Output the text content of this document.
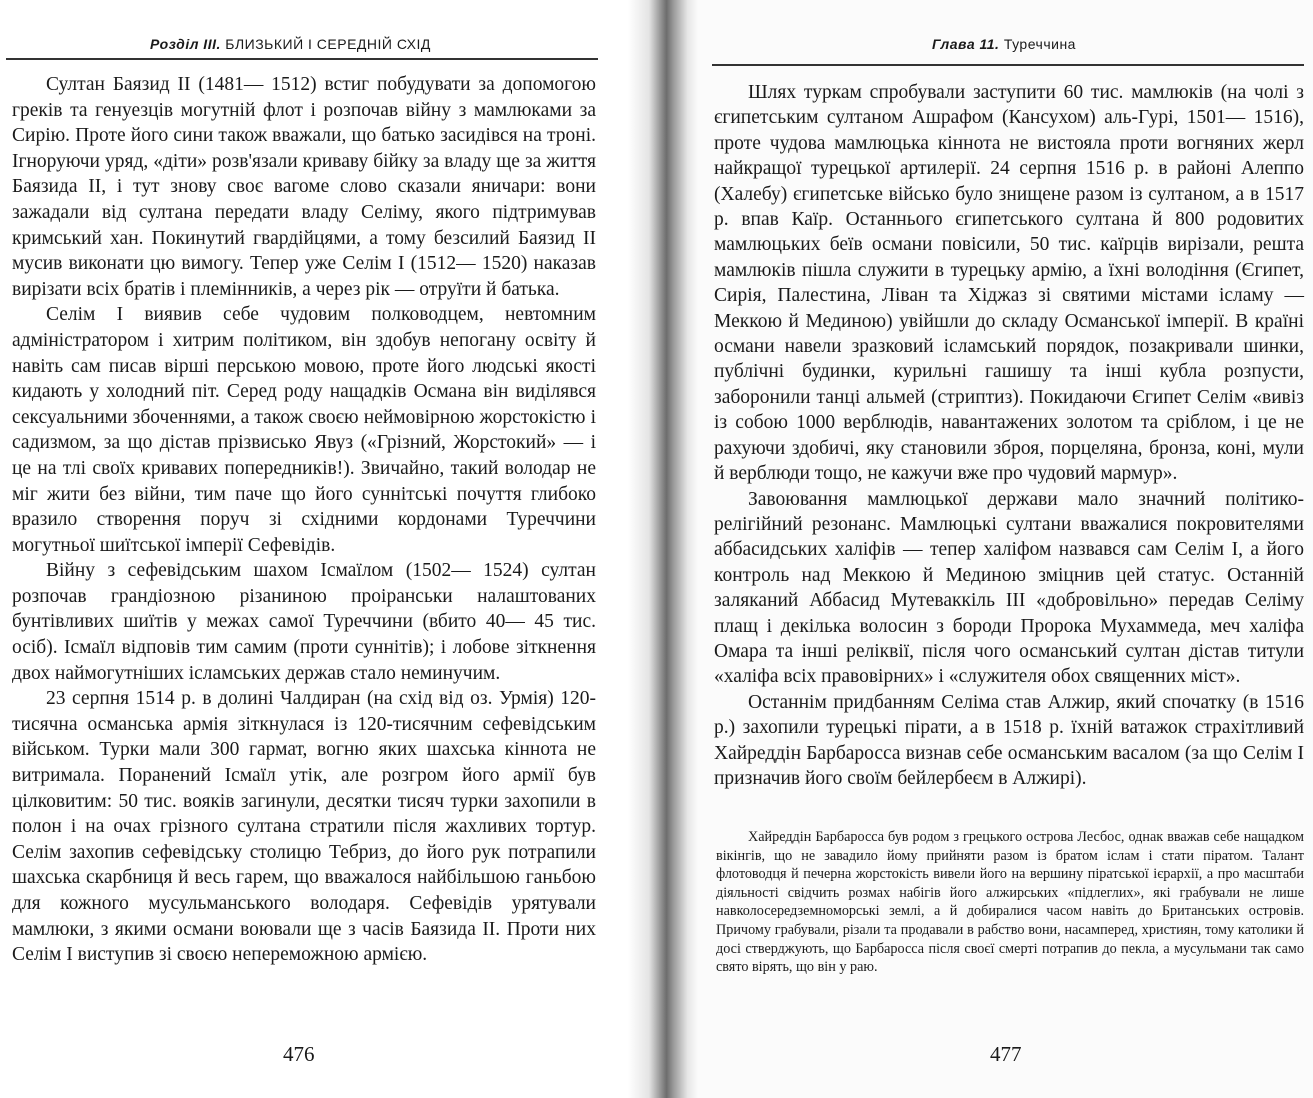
Розділ III. БЛИЗЬКИЙ І СЕРЕДНІЙ СХІД

Султан Баязид II (1481— 1512) встиг побудувати за допомогою греків та генуезців могутній флот і розпочав війну з мамлюками за Сирію. Проте його сини також вважали, що батько засидівся на троні. Ігноруючи уряд, «діти» розв'язали криваву бійку за владу ще за життя Баязида II, і тут знову своє вагоме слово сказали яничари: вони зажадали від султана передати владу Селіму, якого підтримував кримський хан. Покинутий гвардійцями, а тому безсилий Баязид II мусив виконати цю вимогу. Тепер уже Селім І (1512— 1520) наказав вирізати всіх братів і племінників, а через рік — отруїти й батька.

Селім І виявив себе чудовим полководцем, невтомним адміністратором і хитрим політиком, він здобув непогану освіту й навіть сам писав вірші перською мовою, проте його людські якості кидають у холодний піт. Серед роду нащадків Османа він виділявся сексуальними збоченнями, а також своєю неймовірною жорстокістю і садизмом, за що дістав прізвисько Явуз («Грізний, Жорстокий» — і це на тлі своїх кривавих попередників!). Звичайно, такий володар не міг жити без війни, тим паче що його суннітські почуття глибоко вразило створення поруч зі східними кордонами Туреччини могутньої шиїтської імперії Сефевідів.

Війну з сефевідським шахом Ісмаїлом (1502— 1524) султан розпочав грандіозною різаниною проіранськи налаштованих бунтівливих шиїтів у межах самої Туреччини (вбито 40— 45 тис. осіб). Ісмаїл відповів тим самим (проти суннітів); і лобове зіткнення двох наймогутніших ісламських держав стало неминучим.

23 серпня 1514 р. в долині Чалдиран (на схід від оз. Урмія) 120-тисячна османська армія зіткнулася із 120-тисячним сефевідським військом. Турки мали 300 гармат, вогню яких шахська кіннота не витримала. Поранений Ісмаїл утік, але розгром його армії був цілковитим: 50 тис. вояків загинули, десятки тисяч турки захопили в полон і на очах грізного султана стратили після жахливих тортур. Селім захопив сефевідську столицю Тебриз, до його рук потрапили шахська скарбниця й весь гарем, що вважалося найбільшою ганьбою для кожного мусульманського володаря. Сефевідів урятували мамлюки, з якими османи воювали ще з часів Баязида II. Проти них Селім І виступив зі своєю непереможною армією.

476
Глава 11. Туреччина

Шлях туркам спробували заступити 60 тис. мамлюків (на чолі з єгипетським султаном Ашрафом (Кансухом) аль-Гурі, 1501— 1516), проте чудова мамлюцька кіннота не вистояла проти вогняних жерл найкращої турецької артилерії. 24 серпня 1516 р. в районі Алеппо (Халебу) єгипетське військо було знищене разом із султаном, а в 1517 р. впав Каїр. Останнього єгипетського султана й 800 родовитих мамлюцьких беїв османи повісили, 50 тис. каїрців вирізали, решта мамлюків пішла служити в турецьку армію, а їхні володіння (Єгипет, Сирія, Палестина, Ліван та Хіджаз зі святими містами ісламу — Меккою й Мединою) увійшли до складу Османської імперії. В країні османи навели зразковий ісламський порядок, позакривали шинки, публічні будинки, курильні гашишу та інші кубла розпусти, заборонили танці альмей (стриптиз). Покидаючи Єгипет Селім «вивіз із собою 1000 верблюдів, навантажених золотом та сріблом, і це не рахуючи здобичі, яку становили зброя, порцеляна, бронза, коні, мули й верблюди тощо, не кажучи вже про чудовий мармур».

Завоювання мамлюцької держави мало значний політико-релігійний резонанс. Мамлюцькі султани вважалися покровителями аббасидських халіфів — тепер халіфом назвався сам Селім І, а його контроль над Меккою й Мединою зміцнив цей статус. Останній заляканий Аббасид Мутеваккіль III «добровільно» передав Селіму плащ і декілька волосин з бороди Пророка Мухаммеда, меч халіфа Омара та інші реліквії, після чого османський султан дістав титули «халіфа всіх правовірних» і «служителя обох священних міст».

Останнім придбанням Селіма став Алжир, який спочатку (в 1516 р.) захопили турецькі пірати, а в 1518 р. їхній ватажок страхітливий Хайреддін Барбаросса визнав себе османським васалом (за що Селім І призначив його своїм бейлербеєм в Алжирі).

Хайреддін Барбаросса був родом з грецького острова Лесбос, однак вважав себе нащадком вікінгів, що не завадило йому прийняти разом із братом іслам і стати піратом. Талант флотоводця й печерна жорстокість вивели його на вершину піратської ієрархії, а про масштаби діяльності свідчить розмах набігів його алжирських «підлеглих», які грабували не лише навколосередземноморські землі, а й добиралися часом навіть до Британських островів. Причому грабували, різали та продавали в рабство вони, насамперед, християн, тому католики й досі стверджують, що Барбаросса після своєї смерті потрапив до пекла, а мусульмани так само свято вірять, що він у раю.

477
